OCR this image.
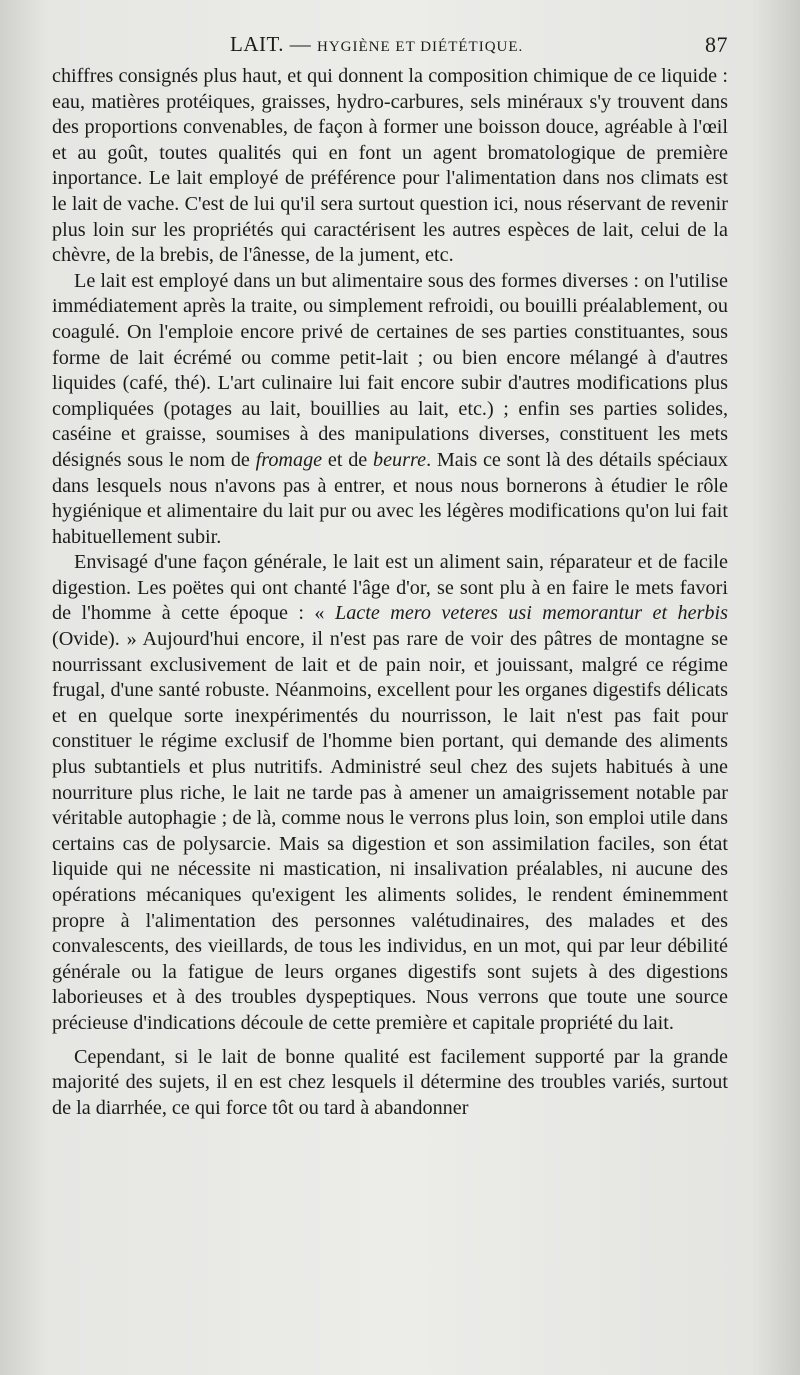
LAIT. — HYGIÈNE ET DIÉTÉTIQUE.	87

chiffres consignés plus haut, et qui donnent la composition chimique de ce liquide : eau, matières protéiques, graisses, hydro-carbures, sels minéraux s'y trouvent dans des proportions convenables, de façon à former une boisson douce, agréable à l'œil et au goût, toutes qualités qui en font un agent bromatologique de première inportance. Le lait employé de préférence pour l'alimentation dans nos climats est le lait de vache. C'est de lui qu'il sera surtout question ici, nous réservant de revenir plus loin sur les propriétés qui caractérisent les autres espèces de lait, celui de la chèvre, de la brebis, de l'ânesse, de la jument, etc.

Le lait est employé dans un but alimentaire sous des formes diverses : on l'utilise immédiatement après la traite, ou simplement refroidi, ou bouilli préalablement, ou coagulé. On l'emploie encore privé de certaines de ses parties constituantes, sous forme de lait écrémé ou comme petit-lait ; ou bien encore mélangé à d'autres liquides (café, thé). L'art culinaire lui fait encore subir d'autres modifications plus compliquées (potages au lait, bouillies au lait, etc.) ; enfin ses parties solides, caséine et graisse, soumises à des manipulations diverses, constituent les mets désignés sous le nom de fromage et de beurre. Mais ce sont là des détails spéciaux dans lesquels nous n'avons pas à entrer, et nous nous bornerons à étudier le rôle hygiénique et alimentaire du lait pur ou avec les légères modifications qu'on lui fait habituellement subir.

Envisagé d'une façon générale, le lait est un aliment sain, réparateur et de facile digestion. Les poëtes qui ont chanté l'âge d'or, se sont plu à en faire le mets favori de l'homme à cette époque : « Lacte mero veteres usi memorantur et herbis (Ovide). » Aujourd'hui encore, il n'est pas rare de voir des pâtres de montagne se nourrissant exclusivement de lait et de pain noir, et jouissant, malgré ce régime frugal, d'une santé robuste. Néanmoins, excellent pour les organes digestifs délicats et en quelque sorte inexpérimentés du nourrisson, le lait n'est pas fait pour constituer le régime exclusif de l'homme bien portant, qui demande des aliments plus subtantiels et plus nutritifs. Administré seul chez des sujets habitués à une nourriture plus riche, le lait ne tarde pas à amener un amaigrissement notable par véritable autophagie ; de là, comme nous le verrons plus loin, son emploi utile dans certains cas de polysarcie. Mais sa digestion et son assimilation faciles, son état liquide qui ne nécessite ni mastication, ni insalivation préalables, ni aucune des opérations mécaniques qu'exigent les aliments solides, le rendent éminemment propre à l'alimentation des personnes valétudinaires, des malades et des convalescents, des vieillards, de tous les individus, en un mot, qui par leur débilité générale ou la fatigue de leurs organes digestifs sont sujets à des digestions laborieuses et à des troubles dyspeptiques. Nous verrons que toute une source précieuse d'indications découle de cette première et capitale propriété du lait.

Cependant, si le lait de bonne qualité est facilement supporté par la grande majorité des sujets, il en est chez lesquels il détermine des troubles variés, surtout de la diarrhée, ce qui force tôt ou tard à abandonner
